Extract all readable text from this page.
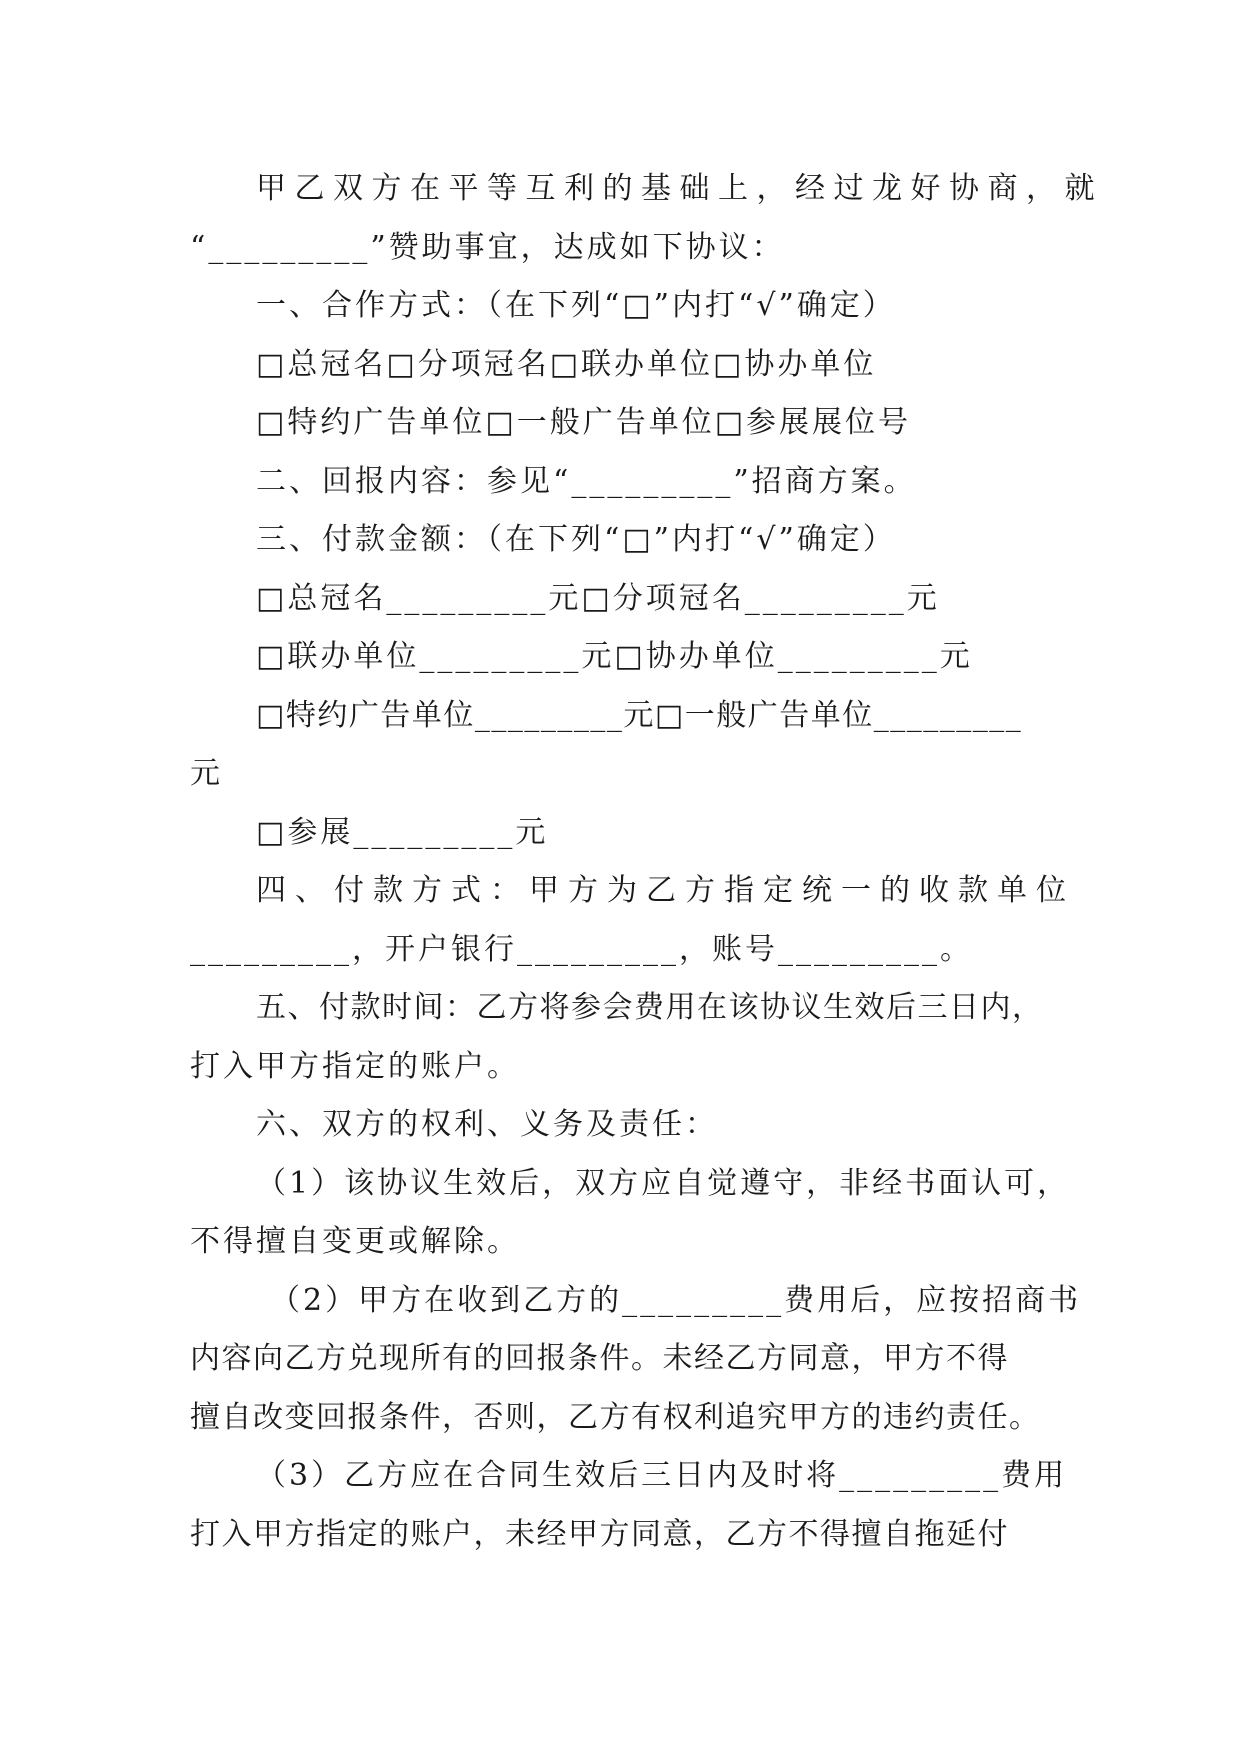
甲乙双方在平等互利的基础上，经过龙好协商，就
“_________”赞助事宜，达成如下协议：
一、合作方式：（在下列“□”内打“√”确定）
□总冠名□分项冠名□联办单位□协办单位
□特约广告单位□一般广告单位□参展展位号
二、回报内容：参见“_________”招商方案。
三、付款金额：（在下列“□”内打“√”确定）
□总冠名_________元□分项冠名_________元
□联办单位_________元□协办单位_________元
□特约广告单位_________元□一般广告单位_________
元
□参展_________元
四、付款方式：甲方为乙方指定统一的收款单位
_________，开户银行_________，账号_________。
五、付款时间：乙方将参会费用在该协议生效后三日内，
打入甲方指定的账户。
六、双方的权利、义务及责任：
（1）该协议生效后，双方应自觉遵守，非经书面认可，
不得擅自变更或解除。
（2）甲方在收到乙方的_________费用后，应按招商书
内容向乙方兑现所有的回报条件。未经乙方同意，甲方不得
擅自改变回报条件，否则，乙方有权利追究甲方的违约责任。
（3）乙方应在合同生效后三日内及时将_________费用
打入甲方指定的账户，未经甲方同意，乙方不得擅自拖延付
